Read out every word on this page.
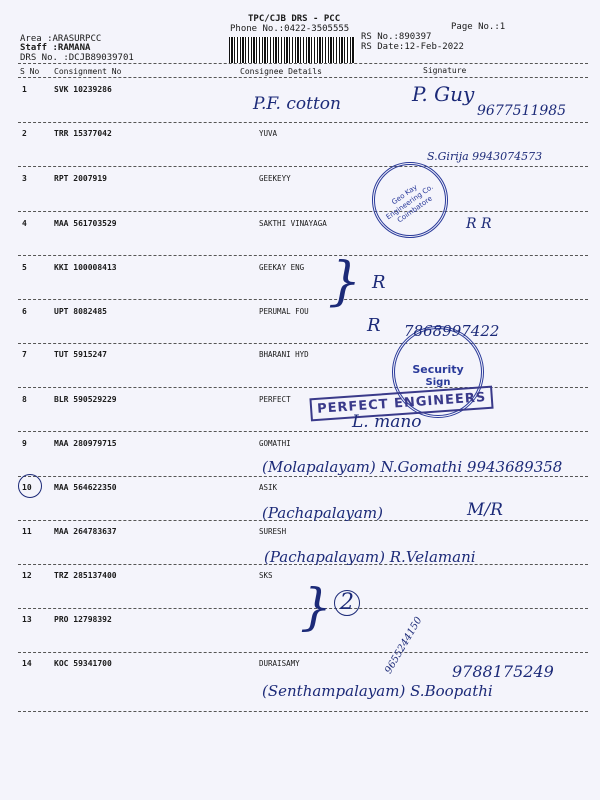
TPC/CJB DRS - PCC
Phone No.:0422-3505555	Page No.:1
Area :ARASURPCC
Staff :RAMANA
DRS No. :DCJB89039701
RS No.:890397
RS Date:12-Feb-2022
S No Consignment No	Consignee Details	Signature
1	SVK 10239286
2	TRR 15377042	YUVA
3	RPT 2007919	GEEKEYY
4	MAA 561703529	SAKTHI VINAYAGA
5	KKI 100008413	GEEKAY ENG
6	UPT 8082485	PERUMAL FOU
7	TUT 5915247	BHARANI HYD
8	BLR 590529229	PERFECT
9	MAA 280979715	GOMATHI
10	MAA 564622350	ASIK
11	MAA 264783637	SURESH
12	TRZ 285137400	SKS
13	PRO 12798392
14	KOC 59341700	DURAISAMY
Geo Kay Engineering Co. Coimbatore
Security
Sign
PERFECT ENGINEERS
P.F. cotton	P. Guy
9677511985
S.Girija 9943074573
R R
R
}
R 7868997422
L. mano
(Molapalayam) N.Gomathi 9943689358
(Pachapalayam)	M/R
(Pachapalayam) R.Velamani
} 2
9655244150 9788175249
(Senthampalayam) S.Boopathi
